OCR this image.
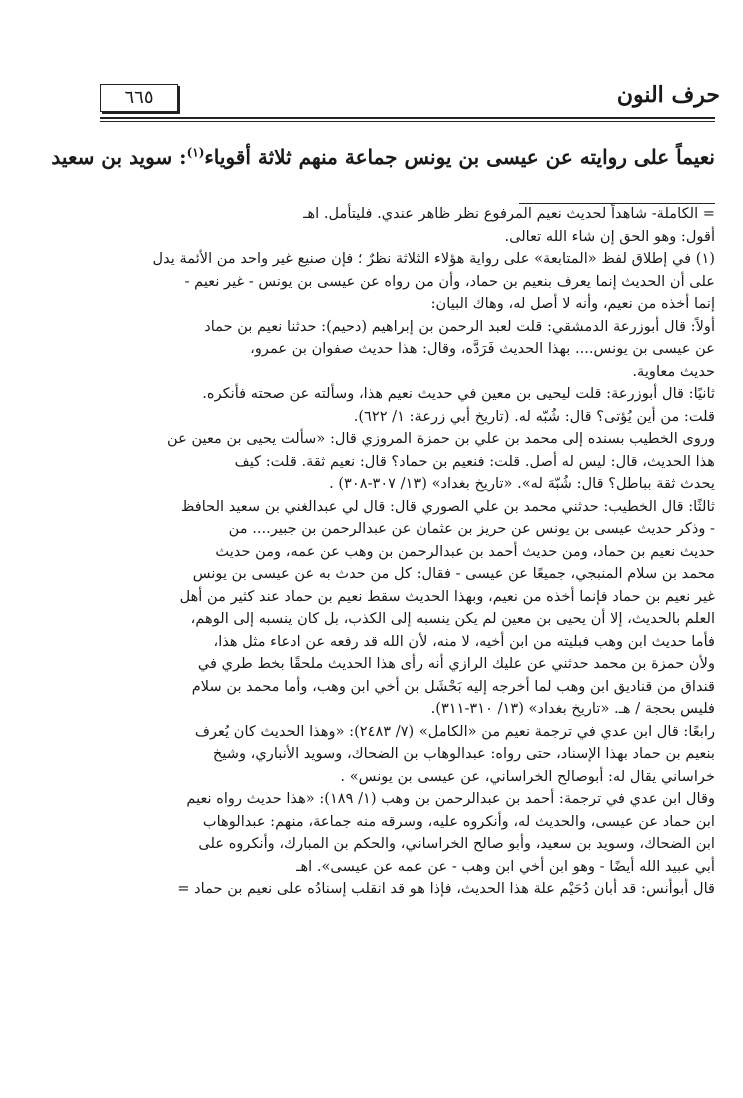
٦٦٥	حرف النون
نعيماً على روايته عن عيسى بن يونس جماعة منهم ثلاثة أقوياء$^{(١)}$: سويد بن سعيد

= الكاملة- شاهداً لحديث نعيم المرفوع نظر ظاهر عندي. فليتأمل. اهـ

أقول: وهو الحق إن شاء الله تعالى.

(١) في إطلاق لفظ «المتابعة» على رواية هؤلاء الثلاثة نظرٌ ؛ فإن صنيع غير واحد من الأئمة يدل

على أن الحديث إنما يعرف بنعيم بن حماد، وأن من رواه عن عيسى بن يونس - غير نعيم -

إنما أخذه من نعيم، وأنه لا أصل له، وهاك البيان:

أولاً: قال أبوزرعة الدمشقي: قلت لعبد الرحمن بن إبراهيم (دحيم): حدثنا نعيم بن حماد

عن عيسى بن يونس.... بهذا الحديث فَرَدَّه، وقال: هذا حديث صفوان بن عمرو،

حديث معاوية.

ثانيًا: قال أبوزرعة: قلت ليحيى بن معين في حديث نعيم هذا، وسألته عن صحته فأنكره.

قلت: من أين يُؤتى؟ قال: شُبّه له. (تاريخ أبي زرعة: ١/ ٦٢٢).

وروى الخطيب بسنده إلى محمد بن علي بن حمزة المروزي قال: «سألت يحيى بن معين عن

هذا الحديث، قال: ليس له أصل. قلت: فنعيم بن حماد؟ قال: نعيم ثقة. قلت: كيف

يحدث ثقة بباطل؟ قال: شُبّهَ له». «تاريخ بغداد» (١٣/ ٣٠٧-٣٠٨) .

ثالثًا: قال الخطيب: حدثني محمد بن علي الصوري قال: قال لي عبدالغني بن سعيد الحافظ

- وذكر حديث عيسى بن يونس عن حريز بن عثمان عن عبدالرحمن بن جبير.... من

حديث نعيم بن حماد، ومن حديث أحمد بن عبدالرحمن بن وهب عن عمه، ومن حديث

محمد بن سلام المنبجي، جميعًا عن عيسى - فقال: كل من حدث به عن عيسى بن يونس

غير نعيم بن حماد فإنما أخذه من نعيم، وبهذا الحديث سقط نعيم بن حماد عند كثير من أهل

العلم بالحديث، إلا أن يحيى بن معين لم يكن ينسبه إلى الكذب، بل كان ينسبه إلى الوهم،

فأما حديث ابن وهب فبليته من ابن أخيه، لا منه، لأن الله قد رفعه عن ادعاء مثل هذا،

ولأن حمزة بن محمد حدثني عن عليك الرازي أنه رأى هذا الحديث ملحقًا بخط طري في

قنداق من قناديق ابن وهب لما أخرجه إليه بَحْشَل بن أخي ابن وهب، وأما محمد بن سلام

فليس بحجة / هـ. «تاريخ بغداد» (١٣/ ٣١٠-٣١١).

رابعًا: قال ابن عدي في ترجمة نعيم من «الكامل» (٧/ ٢٤٨٣): «وهذا الحديث كان يُعرف

بنعيم بن حماد بهذا الإسناد، حتى رواه: عبدالوهاب بن الضحاك، وسويد الأنباري، وشيخ

خراساني يقال له: أبوصالح الخراساني، عن عيسى بن يونس» .

وقال ابن عدي في ترجمة: أحمد بن عبدالرحمن بن وهب (١/ ١٨٩): «هذا حديث رواه نعيم

ابن حماد عن عيسى، والحديث له، وأنكروه عليه، وسرقه منه جماعة، منهم: عبدالوهاب

ابن الضحاك، وسويد بن سعيد، وأبو صالح الخراساني، والحكم بن المبارك، وأنكروه على

أبي عبيد الله أيضًا - وهو ابن أخي ابن وهب - عن عمه عن عيسى». اهـ

قال أبوأنس: قد أبان دُحَيْم علة هذا الحديث، فإذا هو قد انقلب إسنادُه على نعيم بن حماد =
